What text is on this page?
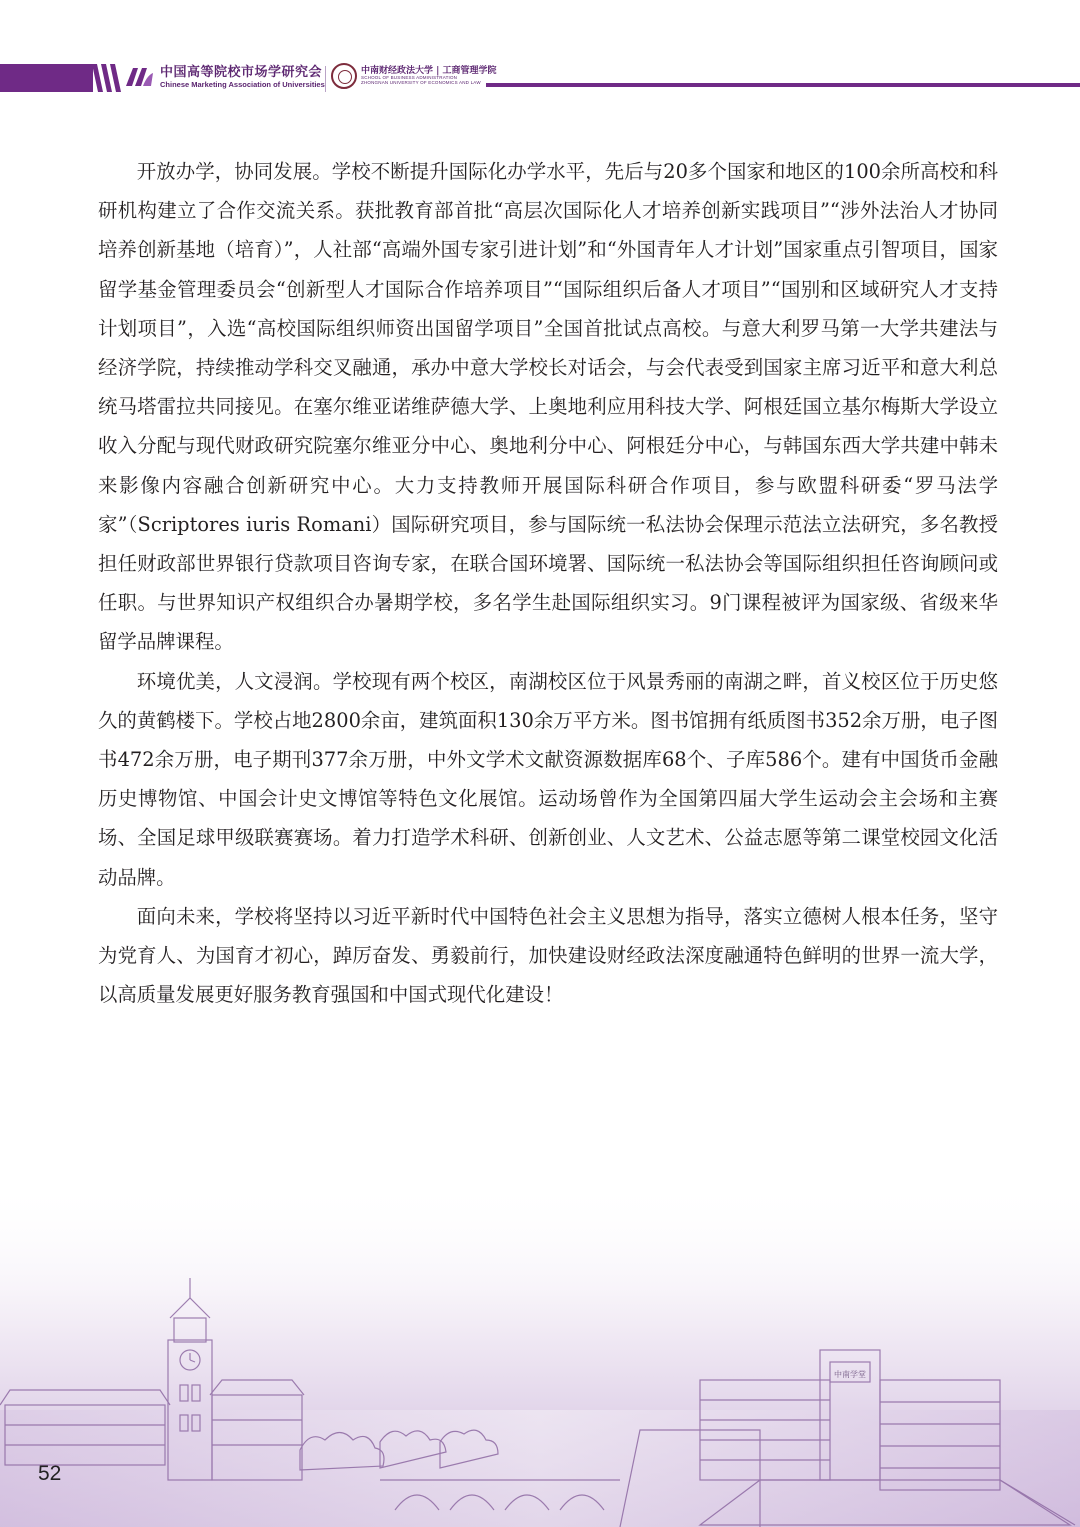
中国高等院校市场学研究会
Chinese Marketing Association of Universities
中南财经政法大学 | 工商管理学院
SCHOOL OF BUSINESS ADMINISTRATION
ZHONGNAN UNIVERSITY OF ECONOMICS AND LAW

开放办学，协同发展。学校不断提升国际化办学水平，先后与20多个国家和地区的100余所高校和科研机构建立了合作交流关系。获批教育部首批“高层次国际化人才培养创新实践项目”“涉外法治人才协同培养创新基地（培育）”，人社部“高端外国专家引进计划”和“外国青年人才计划”国家重点引智项目，国家留学基金管理委员会“创新型人才国际合作培养项目”“国际组织后备人才项目”“国别和区域研究人才支持计划项目”，入选“高校国际组织师资出国留学项目”全国首批试点高校。与意大利罗马第一大学共建法与经济学院，持续推动学科交叉融通，承办中意大学校长对话会，与会代表受到国家主席习近平和意大利总统马塔雷拉共同接见。在塞尔维亚诺维萨德大学、上奥地利应用科技大学、阿根廷国立基尔梅斯大学设立收入分配与现代财政研究院塞尔维亚分中心、奥地利分中心、阿根廷分中心，与韩国东西大学共建中韩未来影像内容融合创新研究中心。大力支持教师开展国际科研合作项目，参与欧盟科研委“罗马法学家”（Scriptores iuris Romani）国际研究项目，参与国际统一私法协会保理示范法立法研究，多名教授担任财政部世界银行贷款项目咨询专家，在联合国环境署、国际统一私法协会等国际组织担任咨询顾问或任职。与世界知识产权组织合办暑期学校，多名学生赴国际组织实习。9门课程被评为国家级、省级来华留学品牌课程。

环境优美，人文浸润。学校现有两个校区，南湖校区位于风景秀丽的南湖之畔，首义校区位于历史悠久的黄鹤楼下。学校占地2800余亩，建筑面积130余万平方米。图书馆拥有纸质图书352余万册，电子图书472余万册，电子期刊377余万册，中外文学术文献资源数据库68个、子库586个。建有中国货币金融历史博物馆、中国会计史文博馆等特色文化展馆。运动场曾作为全国第四届大学生运动会主会场和主赛场、全国足球甲级联赛赛场。着力打造学术科研、创新创业、人文艺术、公益志愿等第二课堂校园文化活动品牌。

面向未来，学校将坚持以习近平新时代中国特色社会主义思想为指导，落实立德树人根本任务，坚守为党育人、为国育才初心，踔厉奋发、勇毅前行，加快建设财经政法深度融通特色鲜明的世界一流大学，以高质量发展更好服务教育强国和中国式现代化建设！

中南学堂
52
